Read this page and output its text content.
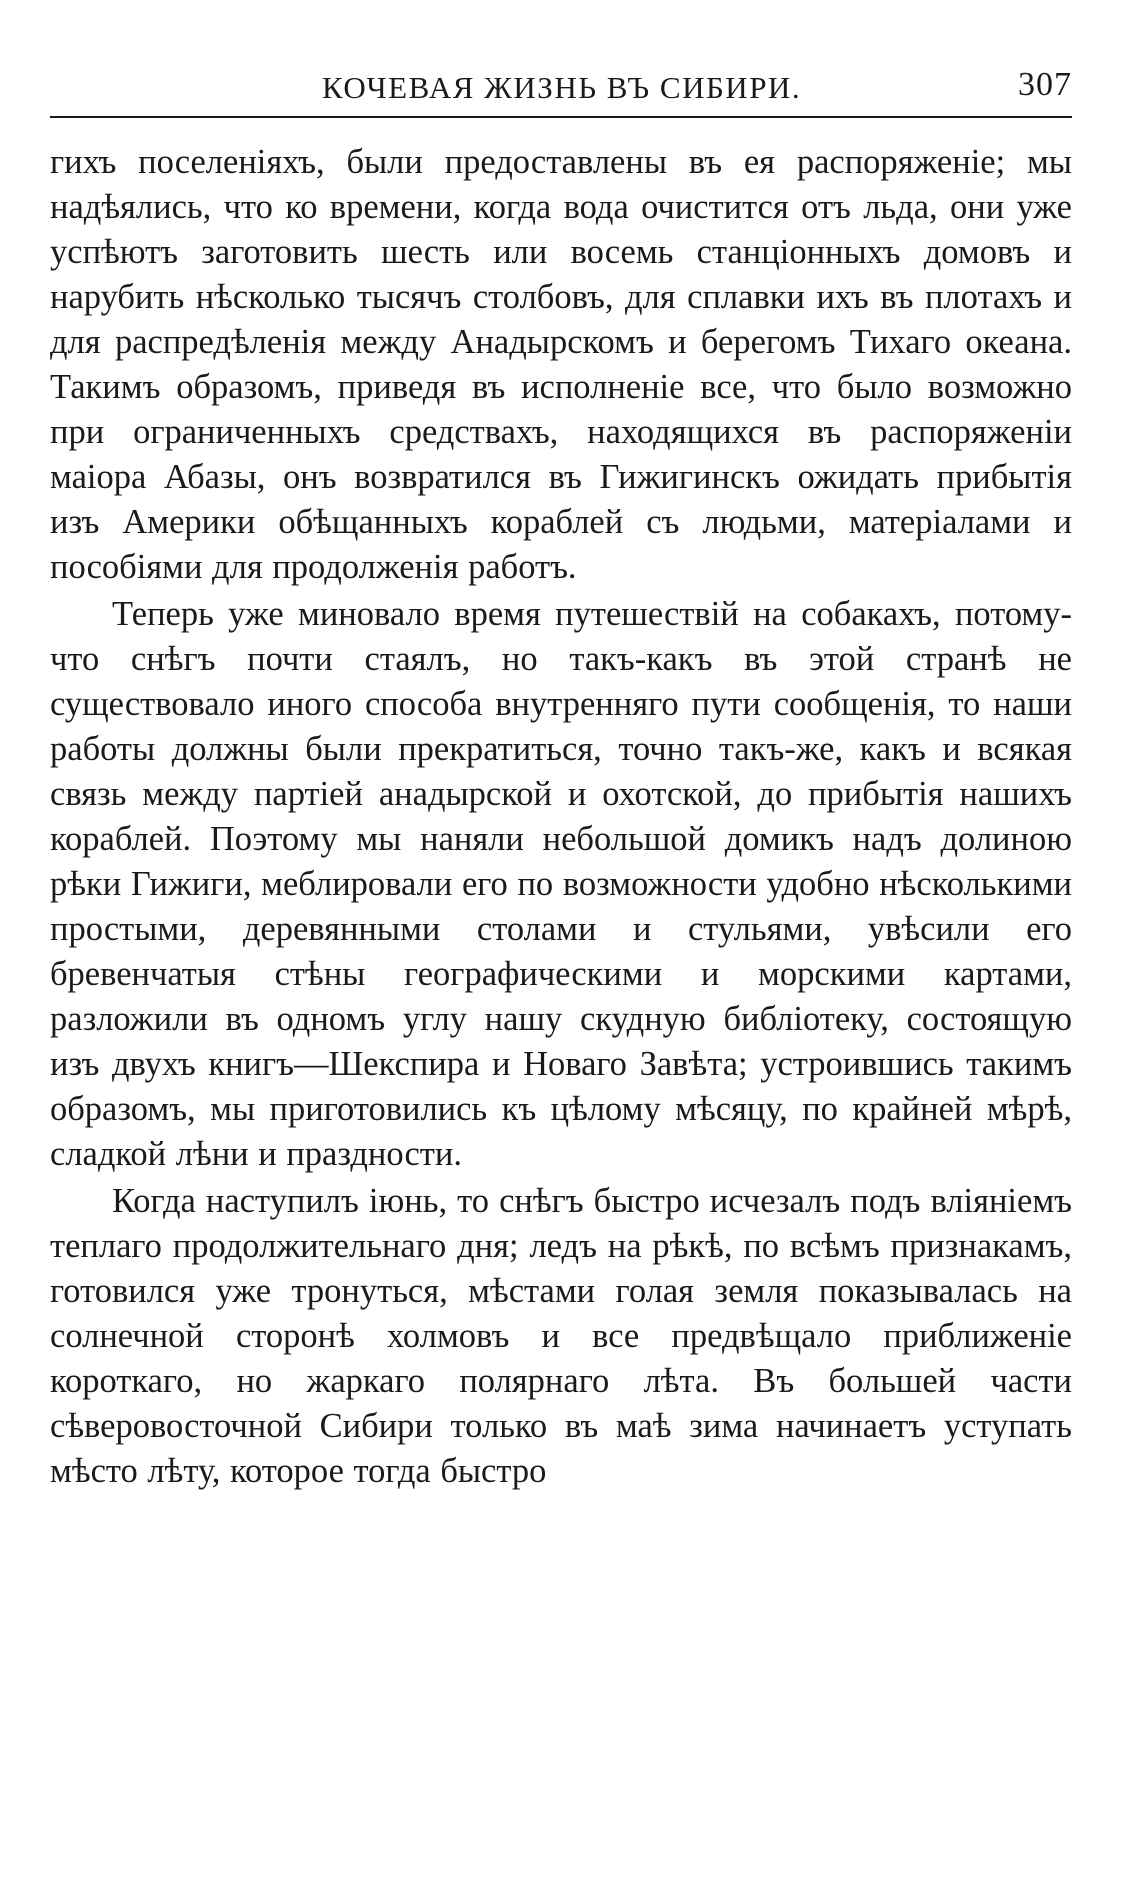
КОЧЕВАЯ ЖИЗНЬ ВЪ СИБИРИ.	307

гихъ поселеніяхъ, были предоставлены въ ея распоряженіе; мы надѣялись, что ко времени, когда вода очистится отъ льда, они уже успѣютъ заготовить шесть или восемь станціонныхъ домовъ и нарубить нѣсколько тысячъ столбовъ, для сплавки ихъ въ плотахъ и для распредѣленія между Анадырскомъ и берегомъ Тихаго океана. Такимъ образомъ, приведя въ исполненіе все, что было возможно при ограниченныхъ средствахъ, находящихся въ распоряженіи маіора Абазы, онъ возвратился въ Гижигинскъ ожидать прибытія изъ Америки обѣщанныхъ кораблей съ людьми, матеріалами и пособіями для продолженія работъ.

Теперь уже миновало время путешествій на собакахъ, потому-что снѣгъ почти стаялъ, но такъ-какъ въ этой странѣ не существовало иного способа внутренняго пути сообщенія, то наши работы должны были прекратиться, точно такъ-же, какъ и всякая связь между партіей анадырской и охотской, до прибытія нашихъ кораблей. Поэтому мы наняли небольшой домикъ надъ долиною рѣки Гижиги, меблировали его по возможности удобно нѣсколькими простыми, деревянными столами и стульями, увѣсили его бревенчатыя стѣны географическими и морскими картами, разложили въ одномъ углу нашу скудную библіотеку, состоящую изъ двухъ книгъ—Шекспира и Новаго Завѣта; устроившись такимъ образомъ, мы приготовились къ цѣлому мѣсяцу, по крайней мѣрѣ, сладкой лѣни и праздности.

Когда наступилъ іюнь, то снѣгъ быстро исчезалъ подъ вліяніемъ теплаго продолжительнаго дня; ледъ на рѣкѣ, по всѣмъ признакамъ, готовился уже тронуться, мѣстами голая земля показывалась на солнечной сторонѣ холмовъ и все предвѣщало приближеніе короткаго, но жаркаго полярнаго лѣта. Въ большей части сѣверовосточной Сибири только въ маѣ зима начинаетъ уступать мѣсто лѣту, которое тогда быстро
